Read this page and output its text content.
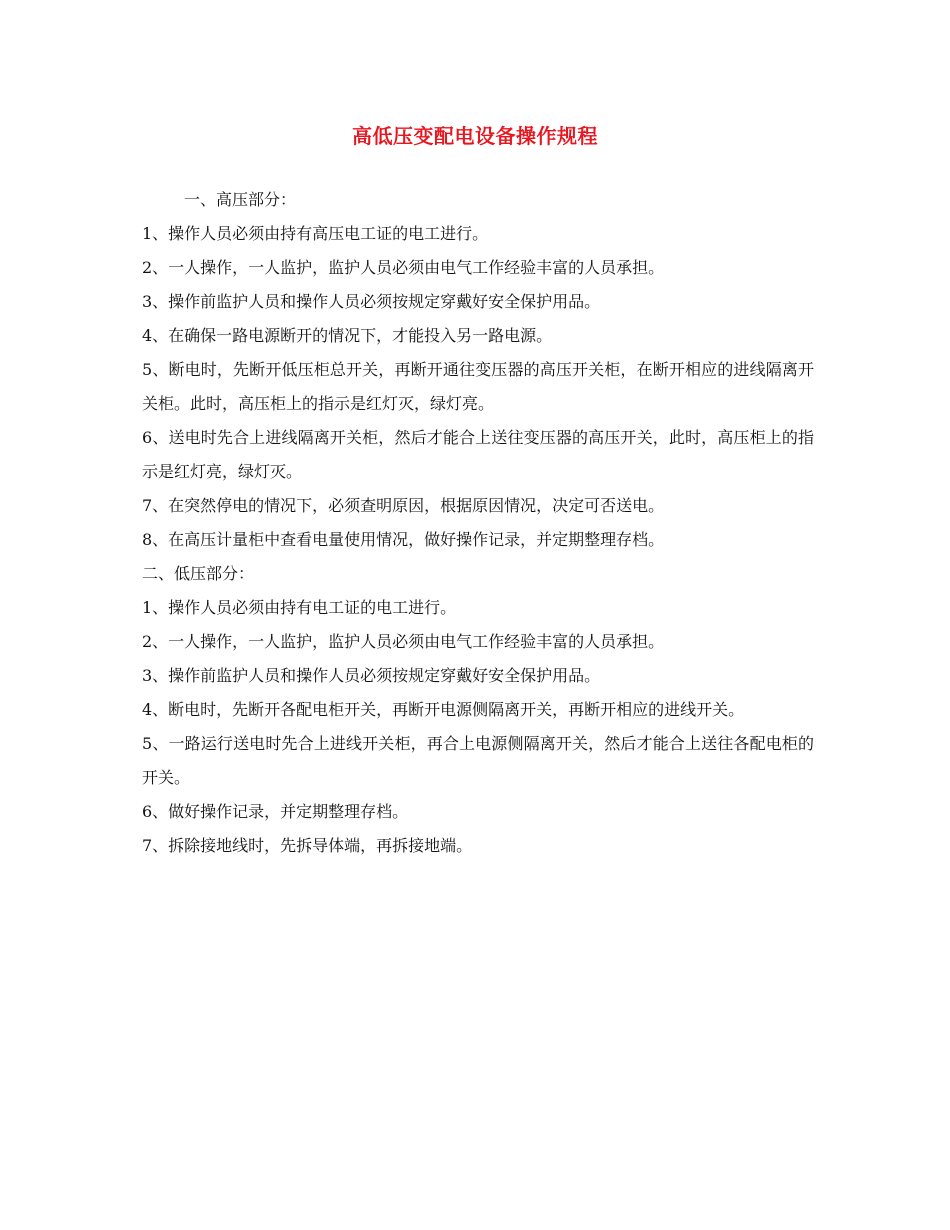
高低压变配电设备操作规程
一、高压部分：
1、操作人员必须由持有高压电工证的电工进行。
2、一人操作，一人监护，监护人员必须由电气工作经验丰富的人员承担。
3、操作前监护人员和操作人员必须按规定穿戴好安全保护用品。
4、在确保一路电源断开的情况下，才能投入另一路电源。
5、断电时，先断开低压柜总开关，再断开通往变压器的高压开关柜，在断开相应的进线隔离开关柜。此时，高压柜上的指示是红灯灭，绿灯亮。
6、送电时先合上进线隔离开关柜，然后才能合上送往变压器的高压开关，此时，高压柜上的指示是红灯亮，绿灯灭。
7、在突然停电的情况下，必须查明原因，根据原因情况，决定可否送电。
8、在高压计量柜中查看电量使用情况，做好操作记录，并定期整理存档。
二、低压部分：
1、操作人员必须由持有电工证的电工进行。
2、一人操作，一人监护，监护人员必须由电气工作经验丰富的人员承担。
3、操作前监护人员和操作人员必须按规定穿戴好安全保护用品。
4、断电时，先断开各配电柜开关，再断开电源侧隔离开关，再断开相应的进线开关。
5、一路运行送电时先合上进线开关柜，再合上电源侧隔离开关，然后才能合上送往各配电柜的开关。
6、做好操作记录，并定期整理存档。
7、拆除接地线时，先拆导体端，再拆接地端。
